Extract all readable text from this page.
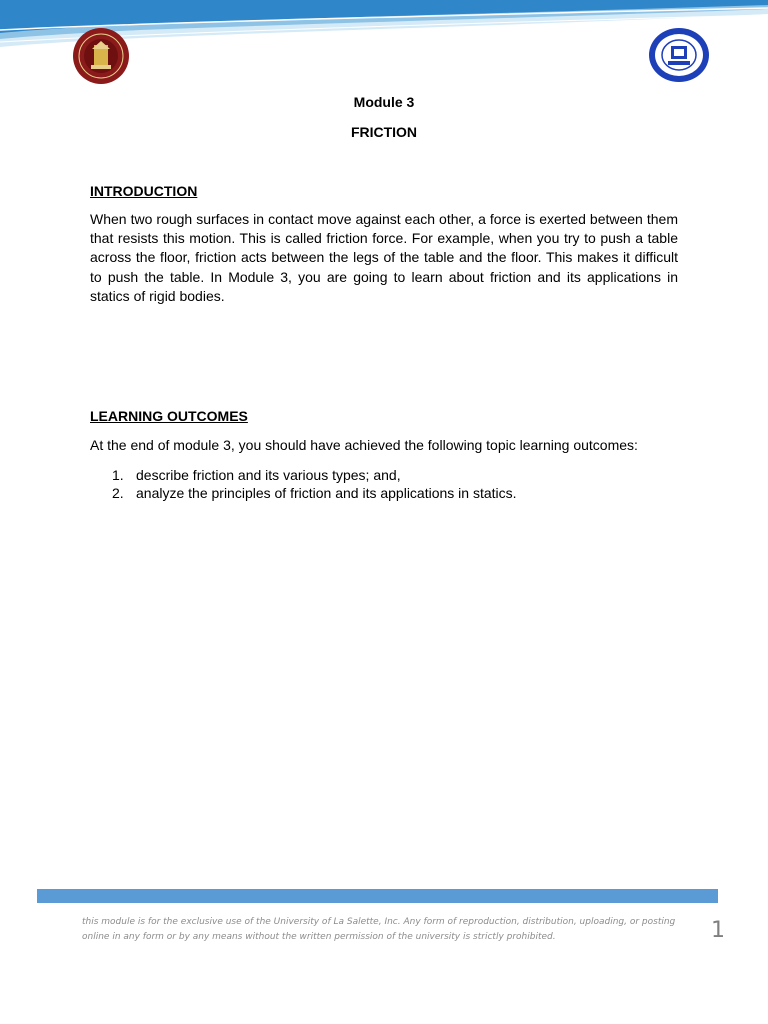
Module 3
FRICTION
INTRODUCTION
When two rough surfaces in contact move against each other, a force is exerted between them that resists this motion. This is called friction force. For example, when you try to push a table across the floor, friction acts between the legs of the table and the floor. This makes it difficult to push the table. In Module 3, you are going to learn about friction and its applications in statics of rigid bodies.
LEARNING OUTCOMES
At the end of module 3, you should have achieved the following topic learning outcomes:
1. describe friction and its various types; and,
2. analyze the principles of friction and its applications in statics.
this module is for the exclusive use of the University of La Salette, Inc. Any form of reproduction, distribution, uploading, or posting online in any form or by any means without the written permission of the university is strictly prohibited.	1
